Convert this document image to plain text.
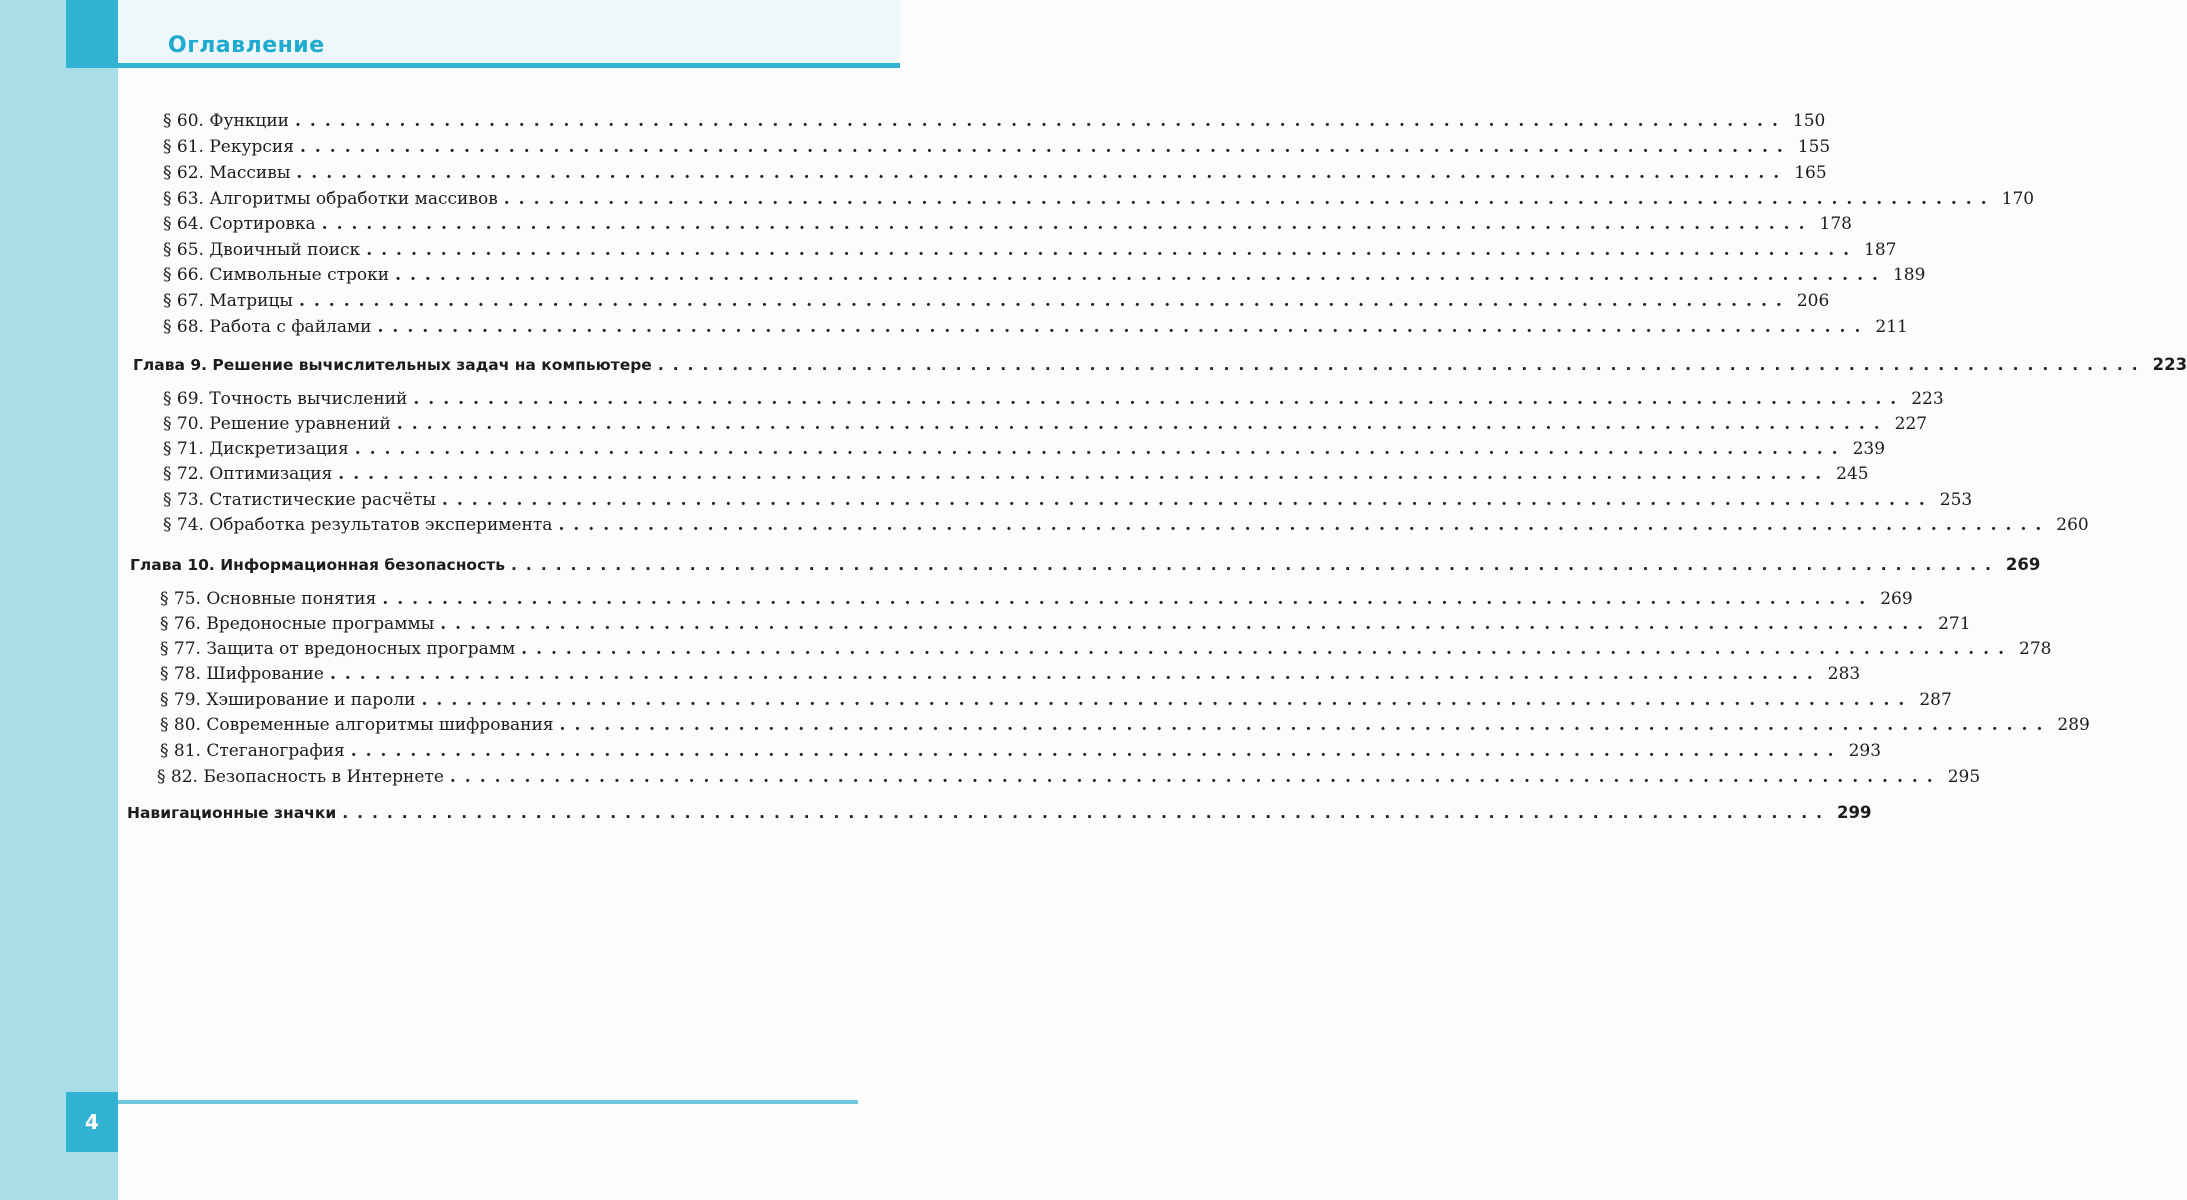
Оглавление
§ 60. Функции .................................................................................................... 150
§ 61. Рекурсия .................................................................................................... 155
§ 62. Массивы .................................................................................................... 165
§ 63. Алгоритмы обработки массивов .................................................................................................... 170
§ 64. Сортировка .................................................................................................... 178
§ 65. Двоичный поиск .................................................................................................... 187
§ 66. Символьные строки .................................................................................................... 189
§ 67. Матрицы .................................................................................................... 206
§ 68. Работа с файлами .................................................................................................... 211
Глава 9. Решение вычислительных задач на компьютере .................................................................................................... 223
§ 69. Точность вычислений .................................................................................................... 223
§ 70. Решение уравнений .................................................................................................... 227
§ 71. Дискретизация .................................................................................................... 239
§ 72. Оптимизация .................................................................................................... 245
§ 73. Статистические расчёты .................................................................................................... 253
§ 74. Обработка результатов эксперимента .................................................................................................... 260
Глава 10. Информационная безопасность .................................................................................................... 269
§ 75. Основные понятия .................................................................................................... 269
§ 76. Вредоносные программы .................................................................................................... 271
§ 77. Защита от вредоносных программ .................................................................................................... 278
§ 78. Шифрование .................................................................................................... 283
§ 79. Хэширование и пароли .................................................................................................... 287
§ 80. Современные алгоритмы шифрования .................................................................................................... 289
§ 81. Стеганография .................................................................................................... 293
§ 82. Безопасность в Интернете .................................................................................................... 295
Навигационные значки .................................................................................................... 299
4
